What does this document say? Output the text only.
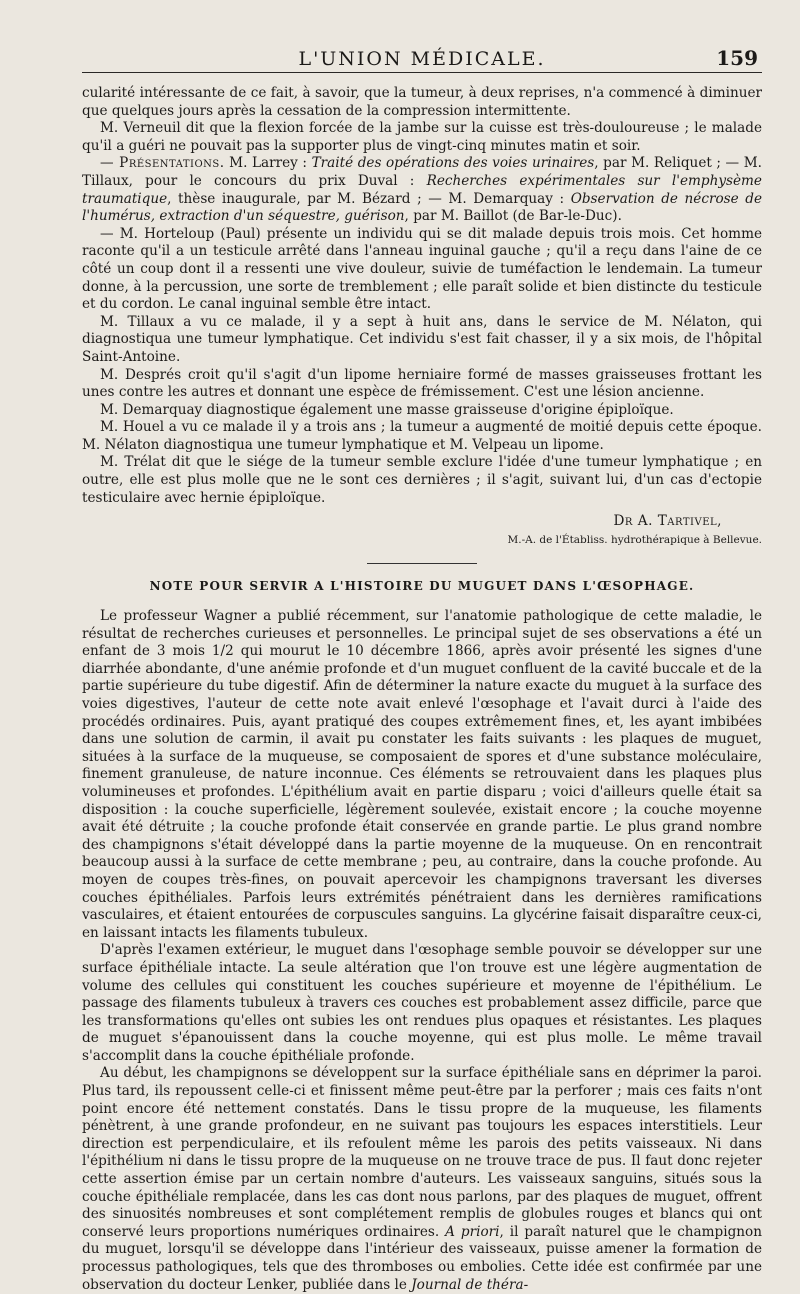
L'UNION MÉDICALE.	159

cularité intéressante de ce fait, à savoir, que la tumeur, à deux reprises, n'a commencé à diminuer que quelques jours après la cessation de la compression intermittente.

M. Verneuil dit que la flexion forcée de la jambe sur la cuisse est très-douloureuse ; le malade qu'il a guéri ne pouvait pas la supporter plus de vingt-cinq minutes matin et soir.

— Présentations. M. Larrey : Traité des opérations des voies urinaires, par M. Reliquet ; — M. Tillaux, pour le concours du prix Duval : Recherches expérimentales sur l'emphysème traumatique, thèse inaugurale, par M. Bézard ; — M. Demarquay : Observation de nécrose de l'humérus, extraction d'un séquestre, guérison, par M. Baillot (de Bar-le-Duc).

— M. Horteloup (Paul) présente un individu qui se dit malade depuis trois mois. Cet homme raconte qu'il a un testicule arrêté dans l'anneau inguinal gauche ; qu'il a reçu dans l'aine de ce côté un coup dont il a ressenti une vive douleur, suivie de tuméfaction le lendemain. La tumeur donne, à la percussion, une sorte de tremblement ; elle paraît solide et bien distincte du testicule et du cordon. Le canal inguinal semble être intact.

M. Tillaux a vu ce malade, il y a sept à huit ans, dans le service de M. Nélaton, qui diagnostiqua une tumeur lymphatique. Cet individu s'est fait chasser, il y a six mois, de l'hôpital Saint-Antoine.

M. Després croit qu'il s'agit d'un lipome herniaire formé de masses graisseuses frottant les unes contre les autres et donnant une espèce de frémissement. C'est une lésion ancienne.

M. Demarquay diagnostique également une masse graisseuse d'origine épiploïque.

M. Houel a vu ce malade il y a trois ans ; la tumeur a augmenté de moitié depuis cette époque. M. Nélaton diagnostiqua une tumeur lymphatique et M. Velpeau un lipome.

M. Trélat dit que le siége de la tumeur semble exclure l'idée d'une tumeur lymphatique ; en outre, elle est plus molle que ne le sont ces dernières ; il s'agit, suivant lui, d'un cas d'ectopie testiculaire avec hernie épiploïque.

Dr A. Tartivel,
M.-A. de l'Établiss. hydrothérapique à Bellevue.
NOTE POUR SERVIR A L'HISTOIRE DU MUGUET DANS L'ŒSOPHAGE.

Le professeur Wagner a publié récemment, sur l'anatomie pathologique de cette maladie, le résultat de recherches curieuses et personnelles. Le principal sujet de ses observations a été un enfant de 3 mois 1/2 qui mourut le 10 décembre 1866, après avoir présenté les signes d'une diarrhée abondante, d'une anémie profonde et d'un muguet confluent de la cavité buccale et de la partie supérieure du tube digestif. Afin de déterminer la nature exacte du muguet à la surface des voies digestives, l'auteur de cette note avait enlevé l'œsophage et l'avait durci à l'aide des procédés ordinaires. Puis, ayant pratiqué des coupes extrêmement fines, et, les ayant imbibées dans une solution de carmin, il avait pu constater les faits suivants : les plaques de muguet, situées à la surface de la muqueuse, se composaient de spores et d'une substance moléculaire, finement granuleuse, de nature inconnue. Ces éléments se retrouvaient dans les plaques plus volumineuses et profondes. L'épithélium avait en partie disparu ; voici d'ailleurs quelle était sa disposition : la couche superficielle, légèrement soulevée, existait encore ; la couche moyenne avait été détruite ; la couche profonde était conservée en grande partie. Le plus grand nombre des champignons s'était développé dans la partie moyenne de la muqueuse. On en rencontrait beaucoup aussi à la surface de cette membrane ; peu, au contraire, dans la couche profonde. Au moyen de coupes très-fines, on pouvait apercevoir les champignons traversant les diverses couches épithéliales. Parfois leurs extrémités pénétraient dans les dernières ramifications vasculaires, et étaient entourées de corpuscules sanguins. La glycérine faisait disparaître ceux-ci, en laissant intacts les filaments tubuleux.

D'après l'examen extérieur, le muguet dans l'œsophage semble pouvoir se développer sur une surface épithéliale intacte. La seule altération que l'on trouve est une légère augmentation de volume des cellules qui constituent les couches supérieure et moyenne de l'épithélium. Le passage des filaments tubuleux à travers ces couches est probablement assez difficile, parce que les transformations qu'elles ont subies les ont rendues plus opaques et résistantes. Les plaques de muguet s'épanouissent dans la couche moyenne, qui est plus molle. Le même travail s'accomplit dans la couche épithéliale profonde.

Au début, les champignons se développent sur la surface épithéliale sans en déprimer la paroi. Plus tard, ils repoussent celle-ci et finissent même peut-être par la perforer ; mais ces faits n'ont point encore été nettement constatés. Dans le tissu propre de la muqueuse, les filaments pénètrent, à une grande profondeur, en ne suivant pas toujours les espaces interstitiels. Leur direction est perpendiculaire, et ils refoulent même les parois des petits vaisseaux. Ni dans l'épithélium ni dans le tissu propre de la muqueuse on ne trouve trace de pus. Il faut donc rejeter cette assertion émise par un certain nombre d'auteurs. Les vaisseaux sanguins, situés sous la couche épithéliale remplacée, dans les cas dont nous parlons, par des plaques de muguet, offrent des sinuosités nombreuses et sont complétement remplis de globules rouges et blancs qui ont conservé leurs proportions numériques ordinaires. A priori, il paraît naturel que le champignon du muguet, lorsqu'il se développe dans l'intérieur des vaisseaux, puisse amener la formation de processus pathologiques, tels que des thromboses ou embolies. Cette idée est confirmée par une observation du docteur Lenker, publiée dans le Journal de théra-
